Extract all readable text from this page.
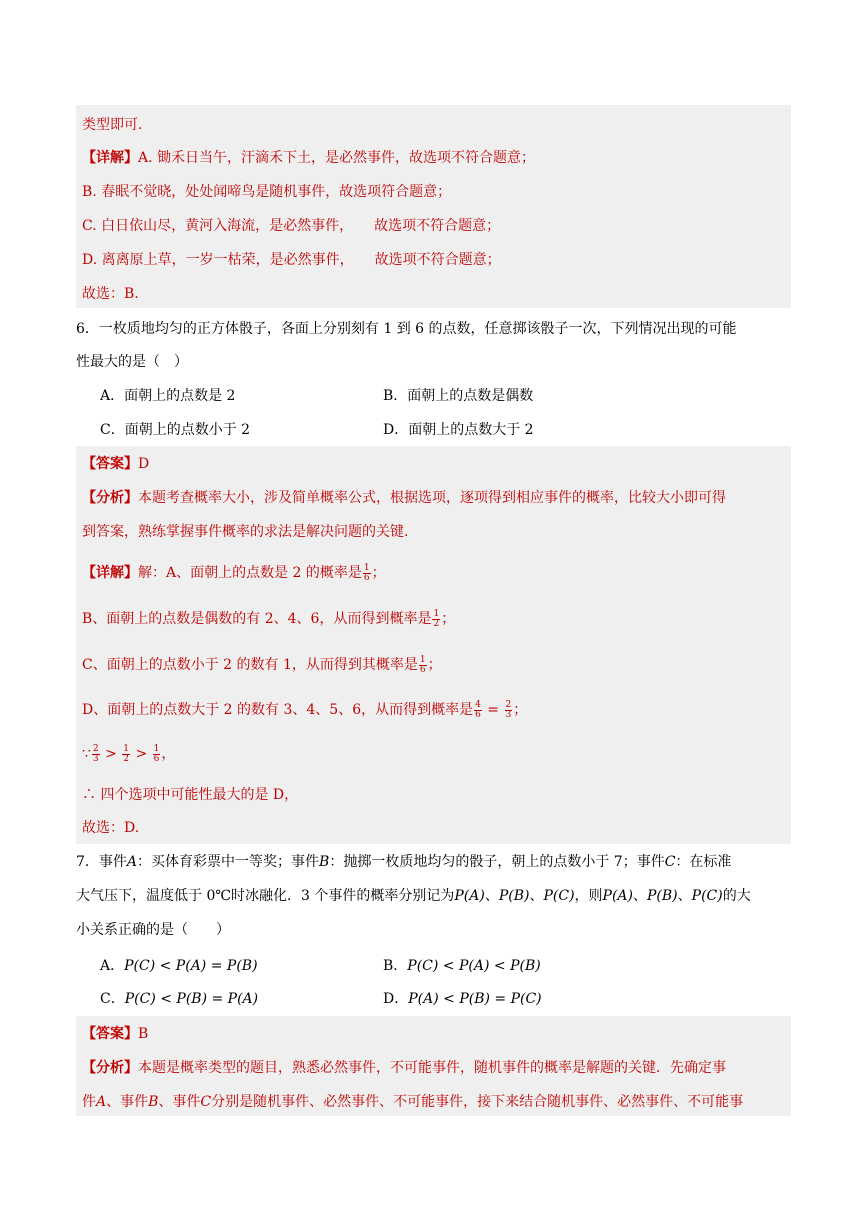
类型即可.
【详解】A. 锄禾日当午，汗滴禾下土，是必然事件，故选项不符合题意；
B. 春眠不觉晓，处处闻啼鸟是随机事件，故选项符合题意；
C. 白日依山尽，黄河入海流，是必然事件，　　故选项不符合题意；
D. 离离原上草，一岁一枯荣，是必然事件，　　故选项不符合题意；
故选：B.
6．一枚质地均匀的正方体骰子，各面上分别刻有 1 到 6 的点数，任意掷该骰子一次，下列情况出现的可能
性最大的是（　）
A．面朝上的点数是 2	B．面朝上的点数是偶数
C．面朝上的点数小于 2	D．面朝上的点数大于 2
【答案】D
【分析】本题考查概率大小，涉及简单概率公式，根据选项，逐项得到相应事件的概率，比较大小即可得
到答案，熟练掌握事件概率的求法是解决问题的关键.
【详解】解：A、面朝上的点数是 2 的概率是 $\frac{1}{6}$ ；
B、面朝上的点数是偶数的有 2、4、6，从而得到概率是 $\frac{1}{2}$ ；
C、面朝上的点数小于 2 的数有 1，从而得到其概率是 $\frac{1}{6}$ ；
D、面朝上的点数大于 2 的数有 3、4、5、6，从而得到概率是 $\frac{4}{6} = \frac{2}{3}$ ；
∵ $\frac{2}{3} > \frac{1}{2} > \frac{1}{6}$ ，
∴ 四个选项中可能性最大的是 D，
故选：D.
7．事件A：买体育彩票中一等奖；事件B：抛掷一枚质地均匀的骰子，朝上的点数小于 7；事件C：在标准
大气压下，温度低于 0℃时冰融化．3 个事件的概率分别记为P(A)、P(B)、P(C)，则P(A)、P(B)、P(C)的大
小关系正确的是（　　）
A．P(C) < P(A) = P(B)	B．P(C) < P(A) < P(B)
C．P(C) < P(B) = P(A)	D．P(A) < P(B) = P(C)
【答案】B
【分析】本题是概率类型的题目，熟悉必然事件，不可能事件，随机事件的概率是解题的关键．先确定事
件A、事件B、事件C分别是随机事件、必然事件、不可能事件，接下来结合随机事件、必然事件、不可能事
